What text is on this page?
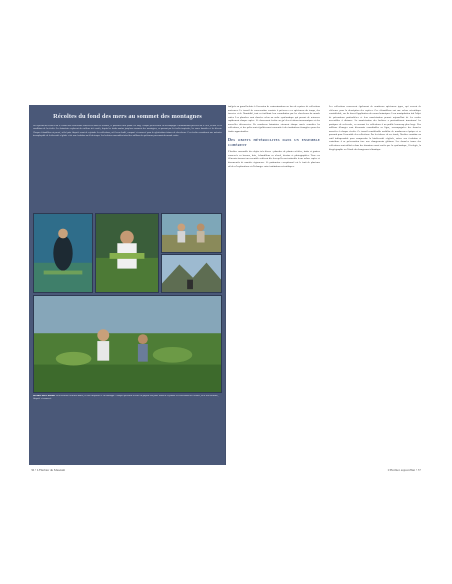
Récoltes du fond des mers au sommet des montagnes

Des spécimens récoltés sur le terrain aux collections conservées dans les herbiers, le parcours d'une plante est long. Chaque prélèvement est accompagné d'informations précises sur le lieu, la date et les conditions de la récolte. Les botanistes explorent des milieux très variés, depuis les fonds marins jusqu'aux sommets des montagnes, en passant par les forêts tropicales, les zones humides et les déserts. Chaque échantillon est pressé, séché puis étiqueté avant de rejoindre les collections, où il sera étudié, comparé et conservé pour les générations futures de chercheurs. Ces récoltes constituent une mémoire irremplaçable de la diversité végétale et de son évolution au fil du temps. Les herbiers rassemblent ainsi des millions de spécimens provenant du monde entier.

Récoltes sur le terrain. Prélèvements en milieu marin, en forêt tropicale et en montagne : chaque spécimen récolté est préparé sur place avant de rejoindre les collections de l'herbier, où il sera identifié, étiqueté et conservé.

intégrés au grand herbier à l'occasion de restructurations ou lors de reprises de collections anciennes. Le travail de conservation consiste à préserver ces spécimens du temps, des insectes et de l'humidité, tout en facilitant leur consultation par les chercheurs du monde entier. Les planches sont classées selon un ordre systématique qui permet de retrouver rapidement chaque espèce. Ce classement évolue au gré des révisions taxonomiques et des nouvelles découvertes. De nombreux botanistes viennent chaque année consulter les collections, et des prêts sont régulièrement consentis à des institutions étrangères pour des études approfondies.

Des objets hétéroclites dans un ensemble cohérent

L'herbier rassemble des objets très divers : planches de plantes séchées, fruits et graines conservés en bocaux, bois, échantillons en alcool, dessins et photographies. Tous ces éléments forment un ensemble cohérent dès lors qu'ils sont rattachés à une même espèce et documentés de manière rigoureuse. Ce patrimoine exceptionnel est le fruit de plusieurs siècles d'explorations et d'échanges entre institutions scientifiques.

Les collections conservent également de nombreux spécimens types, qui servent de référence pour la description des espèces. Ces échantillons ont une valeur scientifique considérable, car ils fixent l'application des noms botaniques. Leur manipulation fait l'objet de précautions particulières et leur numérisation permet aujourd'hui de les rendre accessibles à distance. La numérisation des herbiers a profondément transformé les pratiques de recherche, en ouvrant les collections à un public beaucoup plus large. Des millions d'images sont désormais consultables en ligne, accompagnées des données associées à chaque récolte. Ce travail considérable mobilise de nombreuses équipes et se poursuit pour l'ensemble des collections. Par la richesse de ses fonds, l'herbier constitue un outil indispensable pour comprendre la biodiversité végétale, suivre son évolution et contribuer à sa préservation face aux changements globaux. Les données issues des collections sont utilisées dans des domaines aussi variés que la systématique, l'écologie, la biogéographie ou l'étude du changement climatique.

36 • L'Herbier du Muséum	L'Herbier aujourd'hui • 37
